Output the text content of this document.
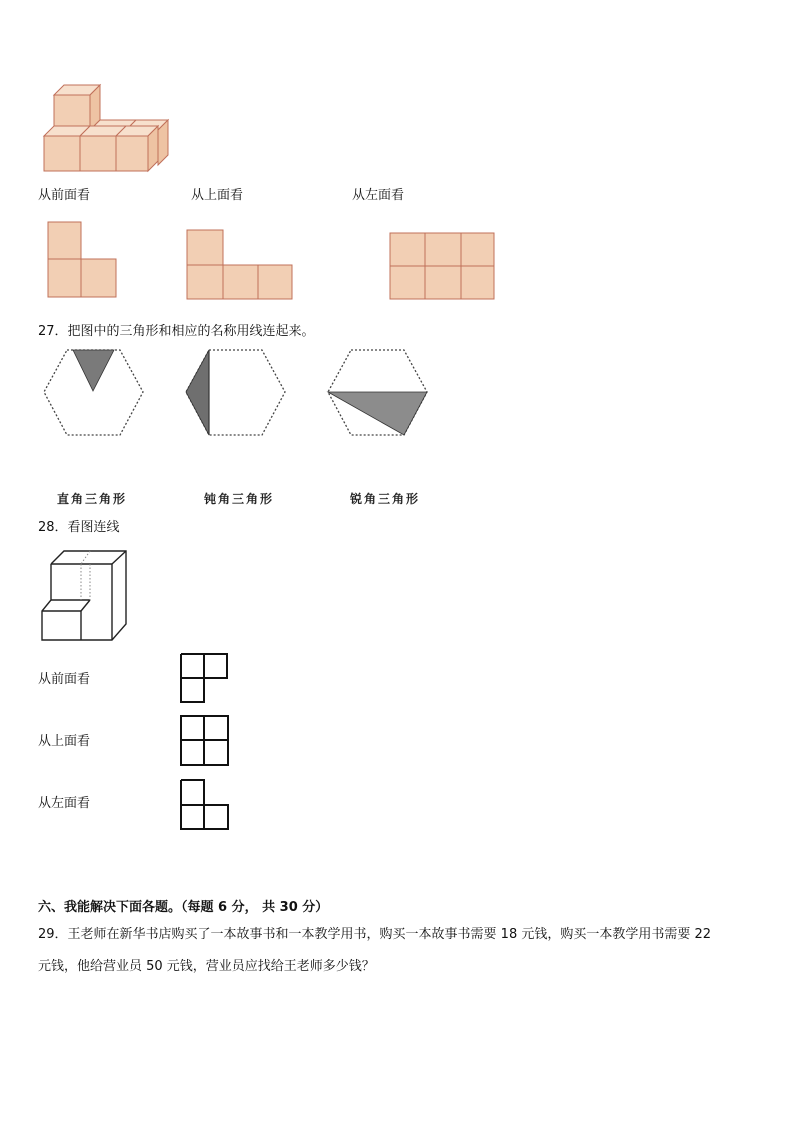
从前面看	从上面看	从左面看
27．把图中的三角形和相应的名称用线连起来。
直角三角形	钝角三角形	锐角三角形
28．看图连线
从前面看
从上面看
从左面看
六、我能解决下面各题。（每题 6 分， 共 30 分）
29．王老师在新华书店购买了一本故事书和一本教学用书，购买一本故事书需要 18 元钱，购买一本教学用书需要 22
元钱，他给营业员 50 元钱，营业员应找给王老师多少钱？
